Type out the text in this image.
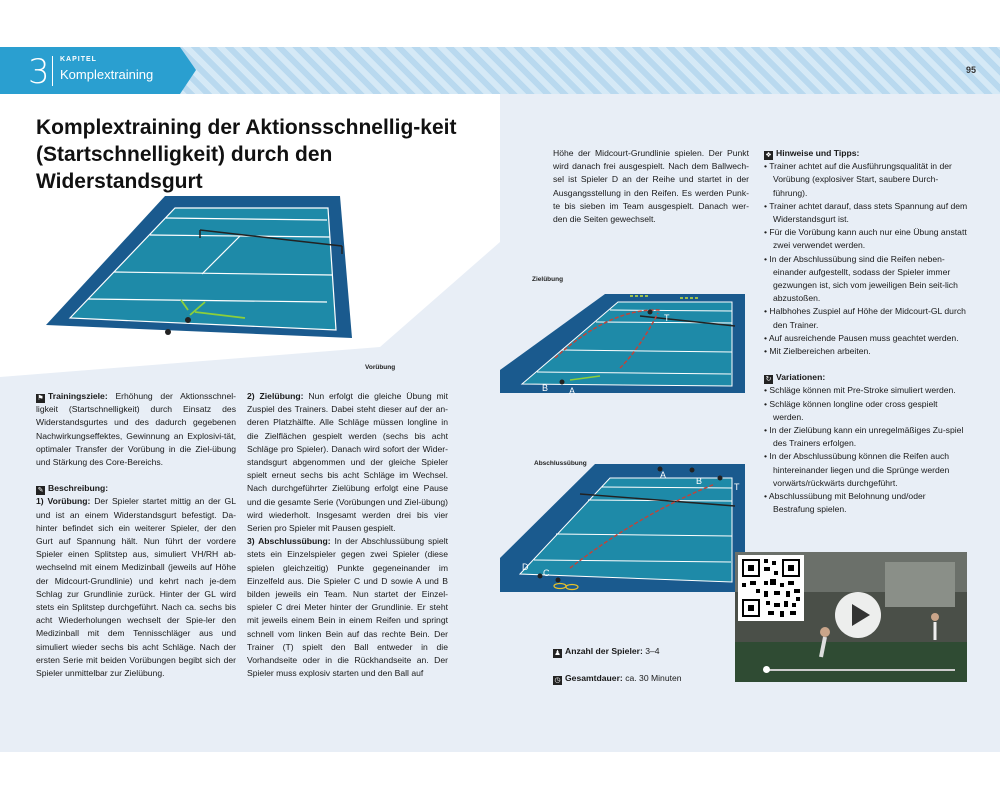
3 KAPITEL
Komplextraining	95
Komplextraining der Aktionsschnellig-keit (Startschnelligkeit) durch den Widerstandsgurt
B	A
Vorübung

⚑ Trainingsziele: Erhöhung der Aktionsschnel-ligkeit (Startschnelligkeit) durch Einsatz des Widerstandsgurtes und des dadurch gegebenen Nachwirkungseffektes, Gewinnung an Explosivi-tät, optimaler Transfer der Vorübung in die Ziel-übung und Stärkung des Core-Bereichs.

✎ Beschreibung:

1) Vorübung: Der Spieler startet mittig an der GL und ist an einem Widerstandsgurt befestigt. Da-hinter befindet sich ein weiterer Spieler, der den Gurt auf Spannung hält. Nun führt der vordere Spieler einen Splitstep aus, simuliert VH/RH ab-wechselnd mit einem Medizinball (jeweils auf Höhe der Midcourt-Grundlinie) und kehrt nach je-dem Schlag zur Grundlinie zurück. Hinter der GL wird stets ein Splitstep durchgeführt. Nach ca. sechs bis acht Wiederholungen wechselt der Spie-ler den Medizinball mit dem Tennisschläger aus und simuliert wieder sechs bis acht Schläge. Nach der ersten Serie mit beiden Vorübungen begibt sich der Spieler unmittelbar zur Zielübung.

2) Zielübung: Nun erfolgt die gleiche Übung mit Zuspiel des Trainers. Dabei steht dieser auf der an-deren Platzhälfte. Alle Schläge müssen longline in die Zielflächen gespielt werden (sechs bis acht Schläge pro Spieler). Danach wird sofort der Wider-standsgurt abgenommen und der gleiche Spieler spielt erneut sechs bis acht Schläge im Wechsel. Nach durchgeführter Zielübung erfolgt eine Pause und die gesamte Serie (Vorübungen und Ziel-übung) wird wiederholt. Insgesamt werden drei bis vier Serien pro Spieler mit Pausen gespielt.

3) Abschlussübung: In der Abschlussübung spielt stets ein Einzelspieler gegen zwei Spieler (diese spielen gleichzeitig) Punkte gegeneinander im Einzelfeld aus. Die Spieler C und D sowie A und B bilden jeweils ein Team. Nun startet der Einzel-spieler C drei Meter hinter der Grundlinie. Er steht mit jeweils einem Bein in einem Reifen und springt schnell vom linken Bein auf das rechte Bein. Der Trainer (T) spielt den Ball entweder in die Vorhandseite oder in die Rückhandseite an. Der Spieler muss explosiv starten und den Ball auf

Höhe der Midcourt-Grundlinie spielen. Der Punkt wird danach frei ausgespielt. Nach dem Ballwech-sel ist Spieler D an der Reihe und startet in der Ausgangsstellung in den Reifen. Es werden Punk-te bis sieben im Team ausgespielt. Danach wer-den die Seiten gewechselt.

Zielübung
B A
T
Abschlussübung
A
B
T
D
C
♟ Anzahl der Spieler: 3–4
◷ Gesamtdauer: ca. 30 Minuten
❖ Hinweise und Tipps:
• Trainer achtet auf die Ausführungsqualität in der Vorübung (explosiver Start, saubere Durch-führung).
• Trainer achtet darauf, dass stets Spannung auf dem Widerstandsgurt ist.
• Für die Vorübung kann auch nur eine Übung anstatt zwei verwendet werden.
• In der Abschlussübung sind die Reifen neben-einander aufgestellt, sodass der Spieler immer gezwungen ist, sich vom jeweiligen Bein seit-lich abzustoßen.
• Halbhohes Zuspiel auf Höhe der Midcourt-GL durch den Trainer.
• Auf ausreichende Pausen muss geachtet werden.
• Mit Zielbereichen arbeiten.
↻ Variationen:
• Schläge können mit Pre-Stroke simuliert werden.
• Schläge können longline oder cross gespielt werden.
• In der Zielübung kann ein unregelmäßiges Zu-spiel des Trainers erfolgen.
• In der Abschlussübung können die Reifen auch hintereinander liegen und die Sprünge werden vorwärts/rückwärts durchgeführt.
• Abschlussübung mit Belohnung und/oder Bestrafung spielen.
